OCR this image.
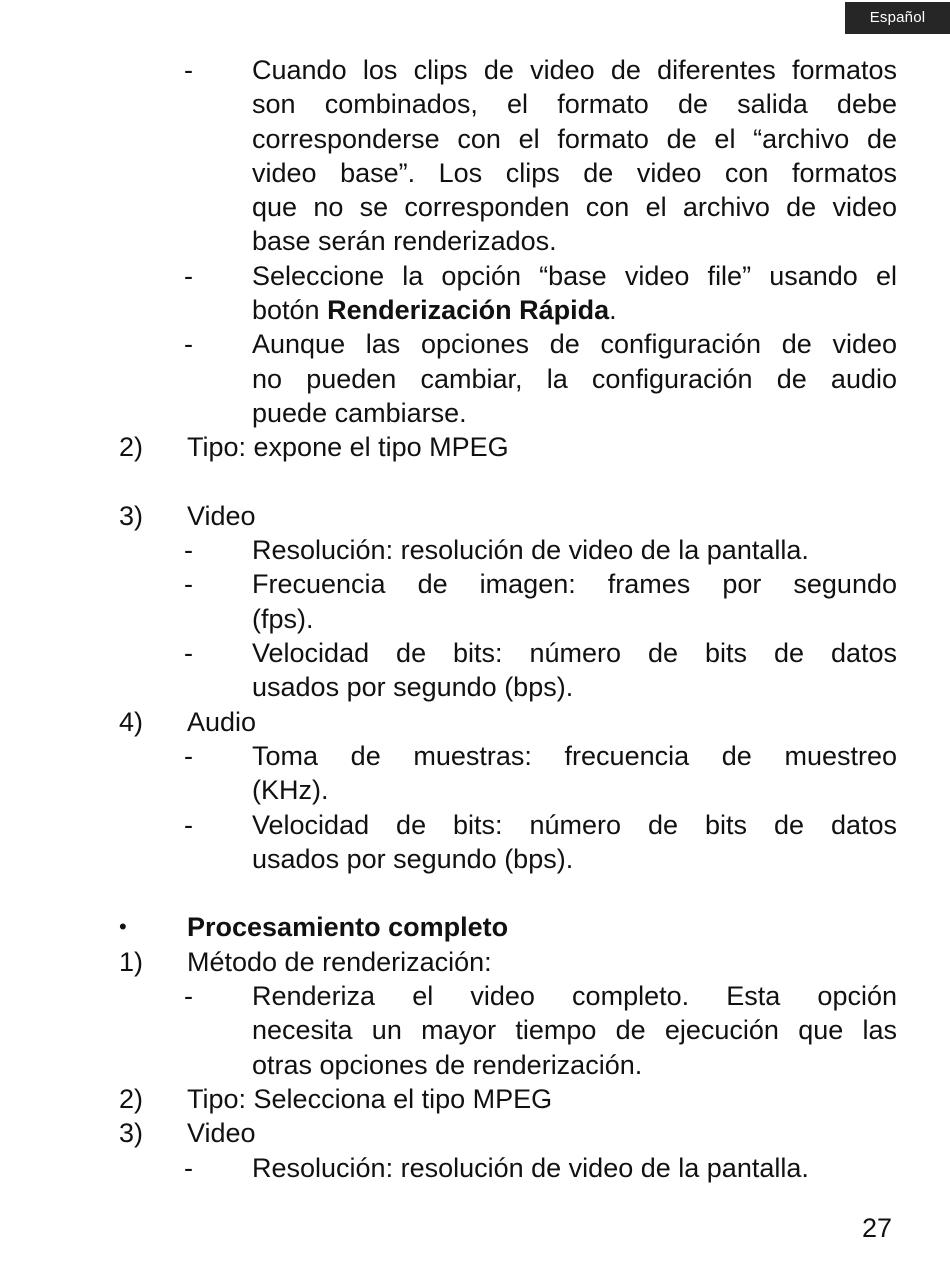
Español
- Cuando los clips de video de diferentes formatos
son combinados, el formato de salida debe
corresponderse con el formato de el “archivo de
video base”. Los clips de video con formatos
que no se corresponden con el archivo de video
base serán renderizados.
- Seleccione la opción “base video file” usando el
botón Renderización Rápida.
- Aunque las opciones de configuración de video
no pueden cambiar, la configuración de audio
puede cambiarse.
2) Tipo: expone el tipo MPEG
3) Video
- Resolución: resolución de video de la pantalla.
- Frecuencia de imagen: frames por segundo
(fps).
- Velocidad de bits: número de bits de datos
usados por segundo (bps).
4) Audio
- Toma de muestras: frecuencia de muestreo
(KHz).
- Velocidad de bits: número de bits de datos
usados por segundo (bps).
• Procesamiento completo
1) Método de renderización:
- Renderiza el video completo. Esta opción
necesita un mayor tiempo de ejecución que las
otras opciones de renderización.
2) Tipo: Selecciona el tipo MPEG
3) Video
- Resolución: resolución de video de la pantalla.
27
